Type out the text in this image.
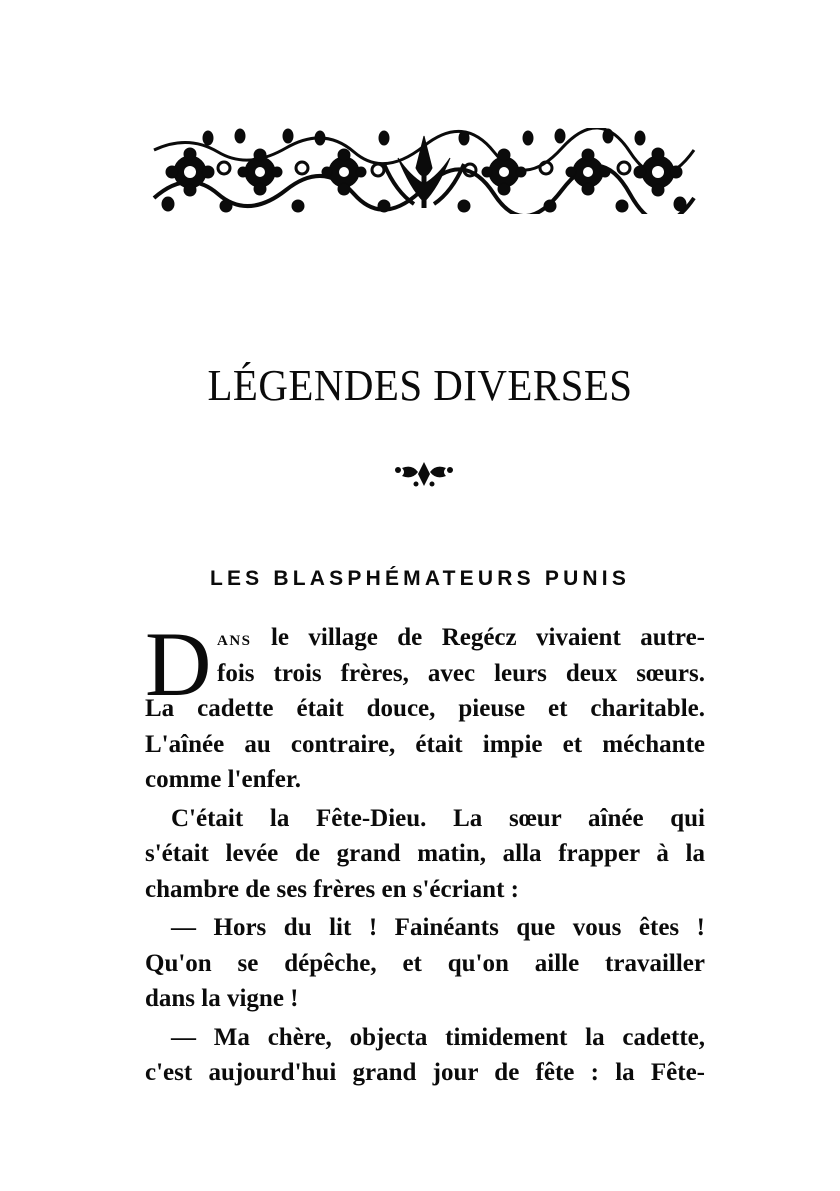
LÉGENDES DIVERSES
LES BLASPHÉMATEURS PUNIS
D ans le village de Regécz vivaient autre-
fois trois frères, avec leurs deux sœurs.
La cadette était douce, pieuse et charitable.
L'aînée au contraire, était impie et méchante
comme l'enfer.
C'était la Fête-Dieu. La sœur aînée qui
s'était levée de grand matin, alla frapper à la
chambre de ses frères en s'écriant :
— Hors du lit ! Fainéants que vous êtes !
Qu'on se dépêche, et qu'on aille travailler
dans la vigne !
— Ma chère, objecta timidement la cadette,
c'est aujourd'hui grand jour de fête : la Fête-
